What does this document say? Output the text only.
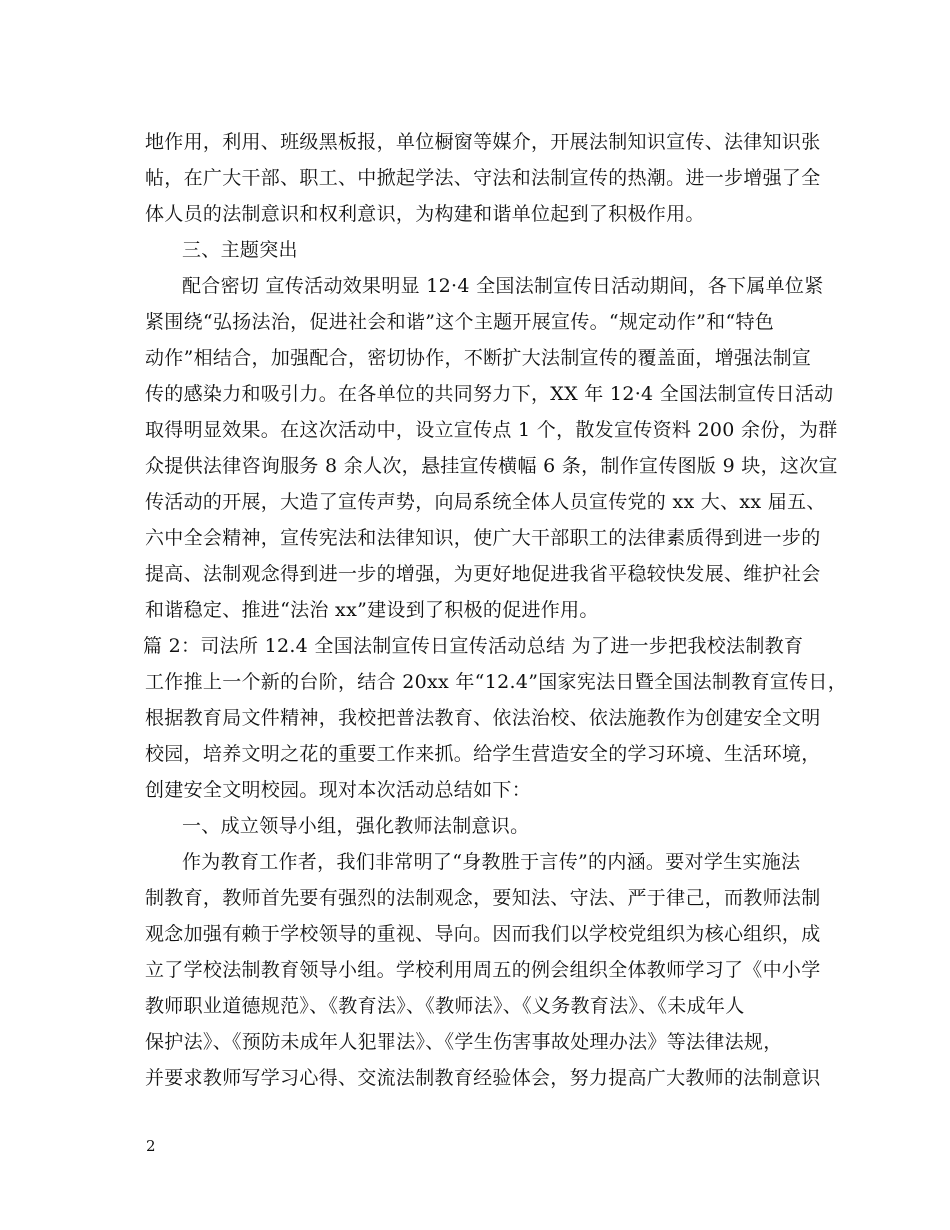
地作用，利用、班级黑板报，单位橱窗等媒介，开展法制知识宣传、法律知识张
帖，在广大干部、职工、中掀起学法、守法和法制宣传的热潮。进一步增强了全
体人员的法制意识和权利意识，为构建和谐单位起到了积极作用。
三、主题突出
配合密切 宣传活动效果明显 12·4 全国法制宣传日活动期间，各下属单位紧
紧围绕“弘扬法治，促进社会和谐”这个主题开展宣传。“规定动作”和“特色
动作”相结合，加强配合，密切协作，不断扩大法制宣传的覆盖面，增强法制宣
传的感染力和吸引力。在各单位的共同努力下，XX 年 12·4 全国法制宣传日活动
取得明显效果。在这次活动中，设立宣传点 1 个，散发宣传资料 200 余份，为群
众提供法律咨询服务 8 余人次，悬挂宣传横幅 6 条，制作宣传图版 9 块，这次宣
传活动的开展，大造了宣传声势，向局系统全体人员宣传党的 xx 大、xx 届五、
六中全会精神，宣传宪法和法律知识，使广大干部职工的法律素质得到进一步的
提高、法制观念得到进一步的增强，为更好地促进我省平稳较快发展、维护社会
和谐稳定、推进“法治 xx”建设到了积极的促进作用。
篇 2：司法所 12.4 全国法制宣传日宣传活动总结 为了进一步把我校法制教育
工作推上一个新的台阶，结合 20xx 年“12.4”国家宪法日暨全国法制教育宣传日，
根据教育局文件精神，我校把普法教育、依法治校、依法施教作为创建安全文明
校园，培养文明之花的重要工作来抓。给学生营造安全的学习环境、生活环境，
创建安全文明校园。现对本次活动总结如下：
一、成立领导小组，强化教师法制意识。
作为教育工作者，我们非常明了“身教胜于言传”的内涵。要对学生实施法
制教育，教师首先要有强烈的法制观念，要知法、守法、严于律己，而教师法制
观念加强有赖于学校领导的重视、导向。因而我们以学校党组织为核心组织，成
立了学校法制教育领导小组。学校利用周五的例会组织全体教师学习了《中小学
教师职业道德规范》、《教育法》、《教师法》、《义务教育法》、《未成年人
保护法》、《预防未成年人犯罪法》、《学生伤害事故处理办法》等法律法规，
并要求教师写学习心得、交流法制教育经验体会，努力提高广大教师的法制意识
2
